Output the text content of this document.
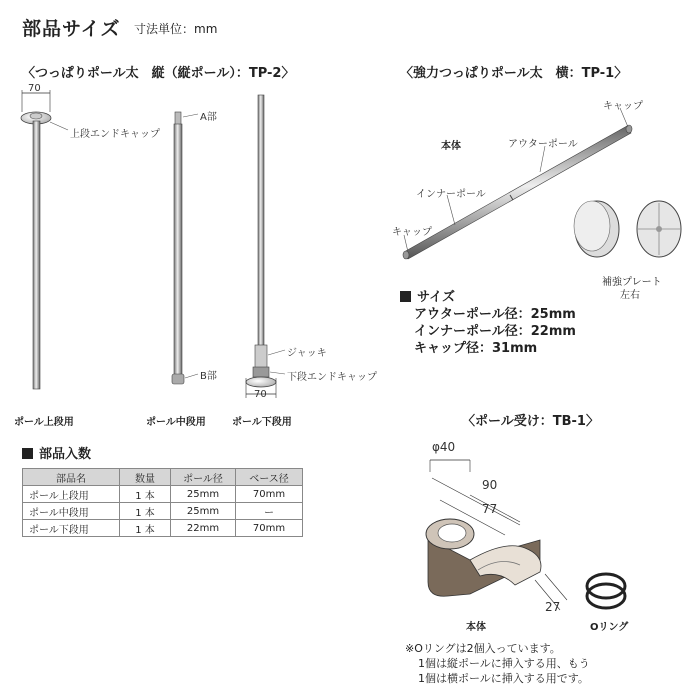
部品サイズ 寸法単位：mm
〈つっぱりポール太　縦（縦ポール）：TP-2〉	〈強力つっぱりポール太　横：TP-1〉
70
上段エンドキャップ
A部
B部
ジャッキ
下段エンドキャップ
70
ポール上段用	ポール中段用	ポール下段用
本体
キャップ
アウターポール
インナーポール
キャップ
補強プレート
左右
サイズ
アウターポール径：25mm
インナーポール径：22mm
キャップ径：31mm
部品入数
部品名	数量	ポール径	ベース径
ポール上段用	1 本	25mm	70mm
ポール中段用	1 本	25mm	ー
ポール下段用	1 本	22mm	70mm
〈ポール受け：TB-1〉
φ40
90
77
27
本体	Oリング
※Oリングは2個入っています。
1個は縦ポールに挿入する用、もう
1個は横ポールに挿入する用です。
